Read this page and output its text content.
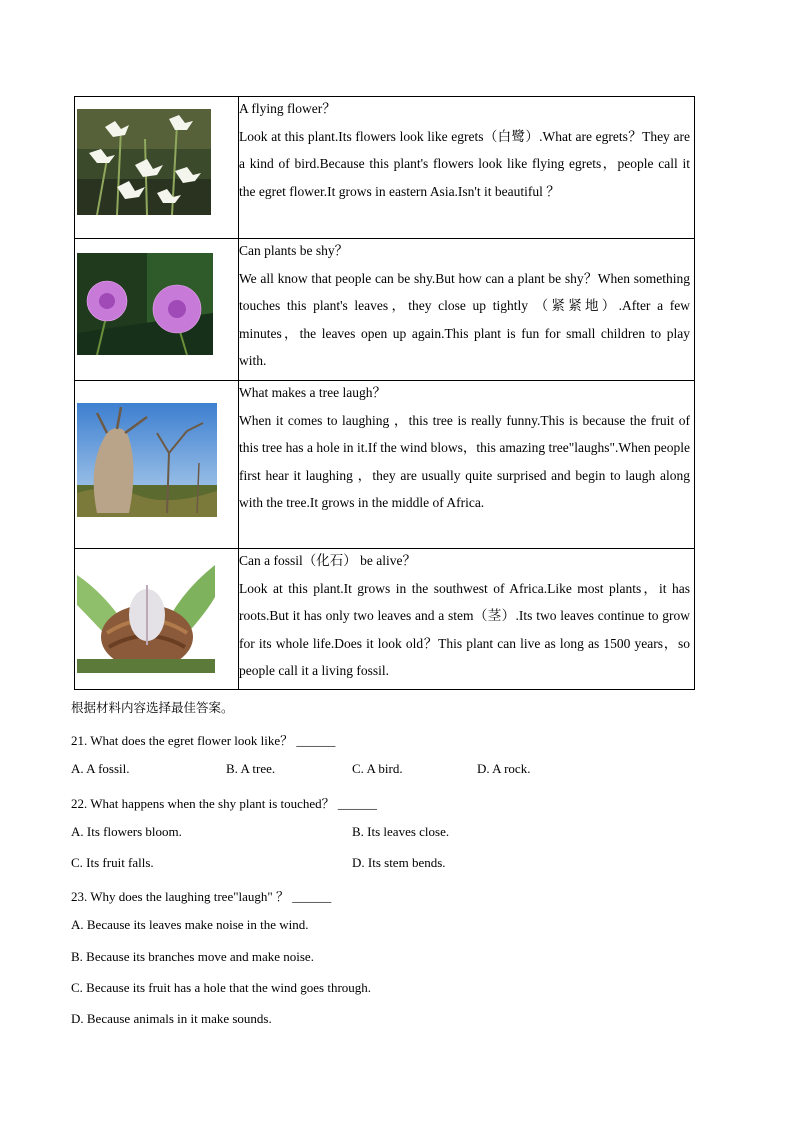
A flying flower？

Look at this plant.Its flowers look like egrets（白鹭）.What are egrets？They are a kind of bird.Because this plant's flowers look like flying egrets，people call it the egret flower.It grows in eastern Asia.Isn't it beautiful ？

Can plants be shy？

We all know that people can be shy.But how can a plant be shy？When something touches this plant's leaves，they close up tightly （紧紧地）.After a few minutes，the leaves open up again.This plant is fun for small children to play with.

What makes a tree laugh？

When it comes to laughing ，this tree is really funny.This is because the fruit of this tree has a hole in it.If the wind blows，this amazing tree"laughs".When people first hear it laughing ，they are usually quite surprised and begin to laugh along with the tree.It grows in the middle of Africa.

Can a fossil（化石） be alive？

Look at this plant.It grows in the southwest of Africa.Like most plants，it has roots.But it has only two leaves and a stem（茎）.Its two leaves continue to grow for its whole life.Does it look old？This plant can live as long as 1500 years，so people call it a living fossil.

根据材料内容选择最佳答案。
21. What does the egret flower look like？ ______
A. A fossil.	B. A tree.	C. A bird.	D. A rock.
22. What happens when the shy plant is touched？ ______
A. Its flowers bloom.	B. Its leaves close.
C. Its fruit falls.	D. Its stem bends.
23. Why does the laughing tree"laugh" ？ ______
A. Because its leaves make noise in the wind.
B. Because its branches move and make noise.
C. Because its fruit has a hole that the wind goes through.
D. Because animals in it make sounds.
